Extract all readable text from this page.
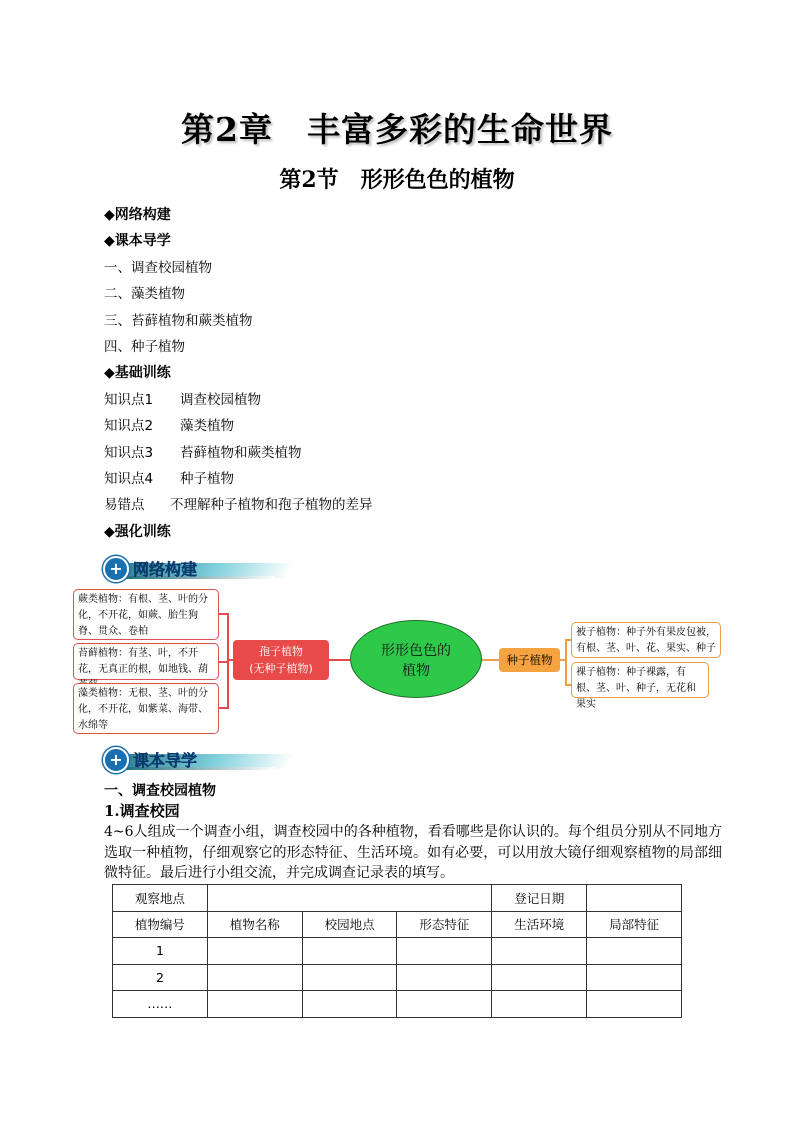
第2章　丰富多彩的生命世界
第2节　形形色色的植物
◆网络构建
◆课本导学
一、调查校园植物
二、藻类植物
三、苔藓植物和蕨类植物
四、种子植物
◆基础训练
知识点1 调查校园植物
知识点2 藻类植物
知识点3 苔藓植物和蕨类植物
知识点4 种子植物
易错点 不理解种子植物和孢子植物的差异
◆强化训练
+ 网络构建
蕨类植物：有根、茎、叶的分化，不开花，如蕨、胎生狗脊、贯众、卷柏
苔藓植物：有茎、叶，不开花，无真正的根，如地钱、葫
藻类植物：无根、茎、叶的分化，不开花，如紫菜、海带、水绵等
孢子植物
(无种子植物)
形形色色的
植物
种子植物
被子植物：种子外有果皮包被，有根、茎、叶、花、果实、种子
裸子植物：种子裸露，有根、茎、叶、种子，无花和果实
+ 课本导学
一、调查校园植物
1.调查校园
4~6人组成一个调查小组，调查校园中的各种植物，看看哪些是你认识的。每个组员分别从不同地方选取一种植物，仔细观察它的形态特征、生活环境。如有必要，可以用放大镜仔细观察植物的局部细微特征。最后进行小组交流，并完成调查记录表的填写。
观察地点				登记日期	
植物编号	植物名称	校园地点	形态特征	生活环境	局部特征
1					
2					
……					
